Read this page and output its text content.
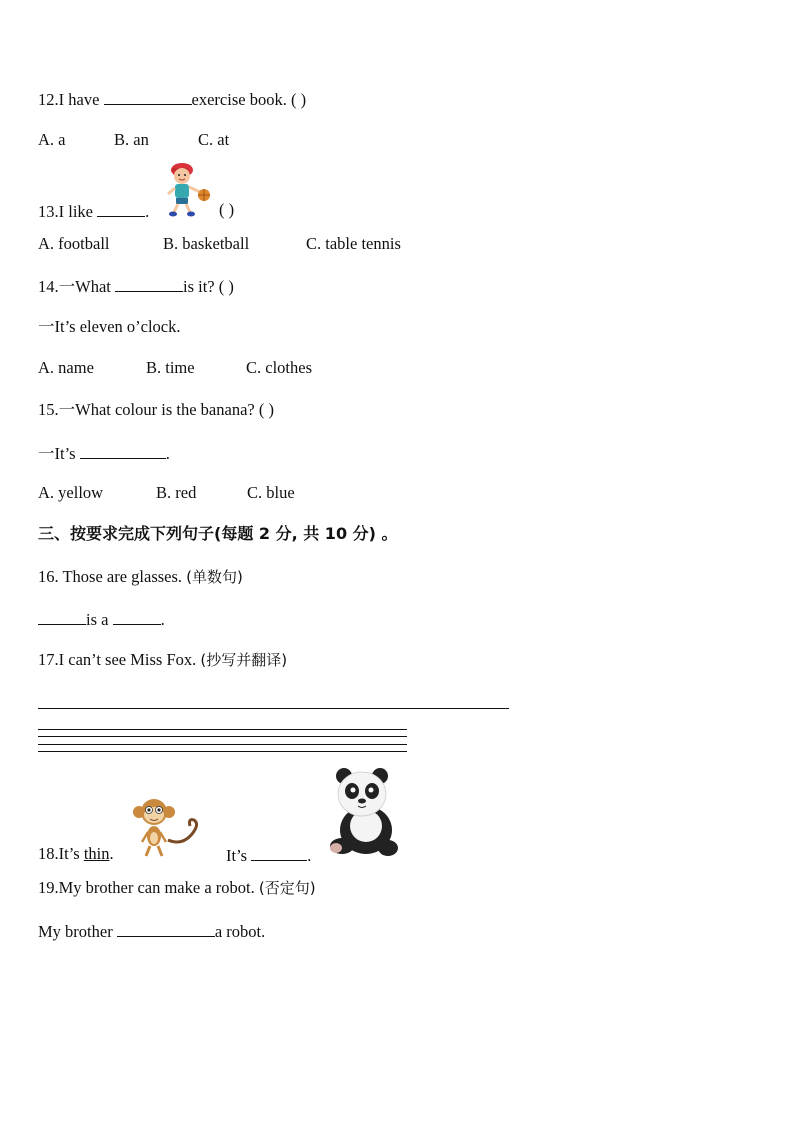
12.I have	exercise book. ( )
A. a	B. an	C. at
13.I like	.	( )
A. football	B. basketball	C. table tennis
14.一What	is it? ( )
一It’s eleven o’clock.
A. name	B. time	C. clothes
15.一What colour is the banana? ( )
一It’s	.
A. yellow	B. red	C. blue
三、按要求完成下列句子(每题 2 分, 共 10 分) 。
16. Those are glasses. (单数句)
is a	.
17.I can’t see Miss Fox. (抄写并翻译)
18.It’s thin.	It’s	.
19.My brother can make a robot. (否定句)
My brother	a robot.
